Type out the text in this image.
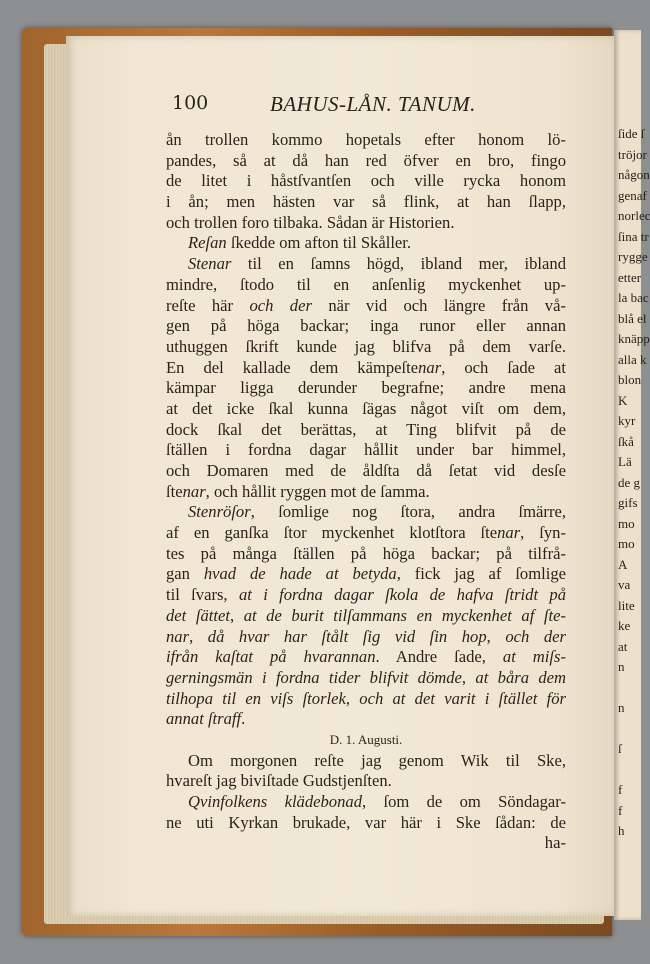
ſide ſ
tröjor
någon
genaf
norlec
ſina tr
rygge
etter
la bac
blå el
knäpp
alla k
blon
K
kyr
ſkå
Lä
de g
gifs
mo
mo
A
va
lite
ke
at
n

n

ſ

f
f
h
100	BAHUS-LÅN. TANUM.
ån trollen kommo hopetals efter honom lö-
pandes, så at då han red öfver en bro, fingo
de litet i håstſvantſen och ville rycka honom
i ån; men hästen var så flink, at han ſlapp,
och trollen foro tilbaka. Sådan är Historien.
Reſan ſkedde om afton til Skåller.
Stenar til en ſamns högd, ibland mer, ibland
mindre, ſtodo til en anſenlig myckenhet up-
reſte här och der när vid och längre från vå-
gen på höga backar; inga runor eller annan
uthuggen ſkrift kunde jag blifva på dem varſe.
En del kallade dem kämpeſtenar, och ſade at
kämpar ligga derunder begrafne; andre mena
at det icke ſkal kunna ſägas något viſt om dem,
dock ſkal det berättas, at Ting blifvit på de
ſtällen i fordna dagar hållit under bar himmel,
och Domaren med de åldſta då ſetat vid desſe
ſtenar, och hållit ryggen mot de ſamma.
Stenröſor, ſomlige nog ſtora, andra ſmärre,
af en ganſka ſtor myckenhet klotſtora ſtenar, ſyn-
tes på många ſtällen på höga backar; på tilfrå-
gan hvad de hade at betyda, fick jag af ſomlige
til ſvars, at i fordna dagar ſkola de hafva ſtridt på
det ſättet, at de burit tilſammans en myckenhet af ſte-
nar, då hvar har ſtålt ſig vid ſin hop, och der
ifrån kaſtat på hvarannan. Andre ſade, at miſs-
gerningsmän i fordna tider blifvit dömde, at båra dem
tilhopa til en viſs ſtorlek, och at det varit i ſtället för
annat ſtraff.
D. 1. Augusti.
Om morgonen reſte jag genom Wik til Ske,
hvareſt jag biviſtade Gudstjenſten.
Qvinfolkens klädebonad, ſom de om Söndagar-
ne uti Kyrkan brukade, var här i Ske ſådan: de
ha-
